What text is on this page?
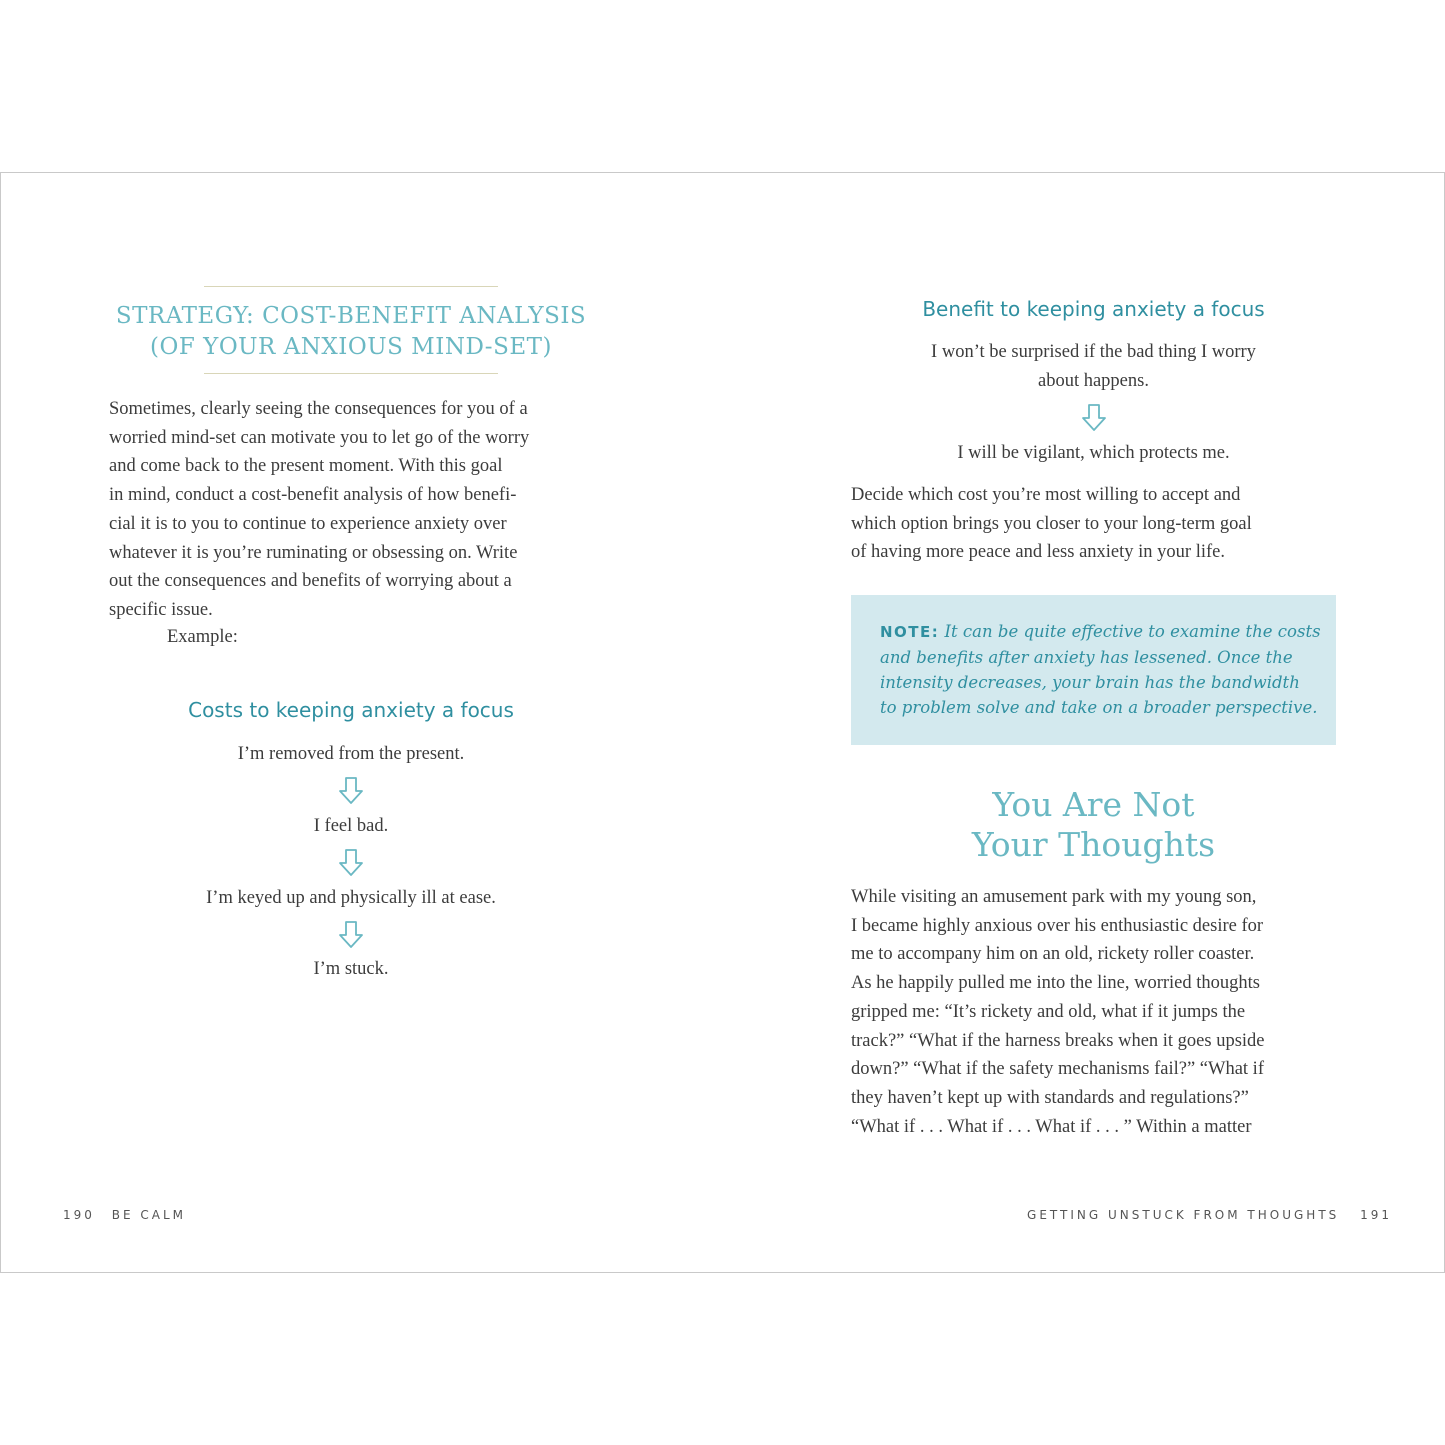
STRATEGY: COST-BENEFIT ANALYSIS
(OF YOUR ANXIOUS MIND-SET)

Sometimes, clearly seeing the consequences for you of a

worried mind-set can motivate you to let go of the worry

and come back to the present moment. With this goal

in mind, conduct a cost-benefit analysis of how benefi-

cial it is to you to continue to experience anxiety over

whatever it is you’re ruminating or obsessing on. Write

out the consequences and benefits of worrying about a

specific issue.

Example:
Costs to keeping anxiety a focus
I’m removed from the present.
I feel bad.
I’m keyed up and physically ill at ease.
I’m stuck.
190 BE CALM
Benefit to keeping anxiety a focus
I won’t be surprised if the bad thing I worry
about happens.
I will be vigilant, which protects me.

Decide which cost you’re most willing to accept and

which option brings you closer to your long-term goal

of having more peace and less anxiety in your life.

NOTE: It can be quite effective to examine the costs

and benefits after anxiety has lessened. Once the

intensity decreases, your brain has the bandwidth

to problem solve and take on a broader perspective.

You Are Not
Your Thoughts

While visiting an amusement park with my young son,

I became highly anxious over his enthusiastic desire for

me to accompany him on an old, rickety roller coaster.

As he happily pulled me into the line, worried thoughts

gripped me: “It’s rickety and old, what if it jumps the

track?” “What if the harness breaks when it goes upside

down?” “What if the safety mechanisms fail?” “What if

they haven’t kept up with standards and regulations?”

“What if . . . What if . . . What if . . . ” Within a matter

GETTING UNSTUCK FROM THOUGHTS 191
